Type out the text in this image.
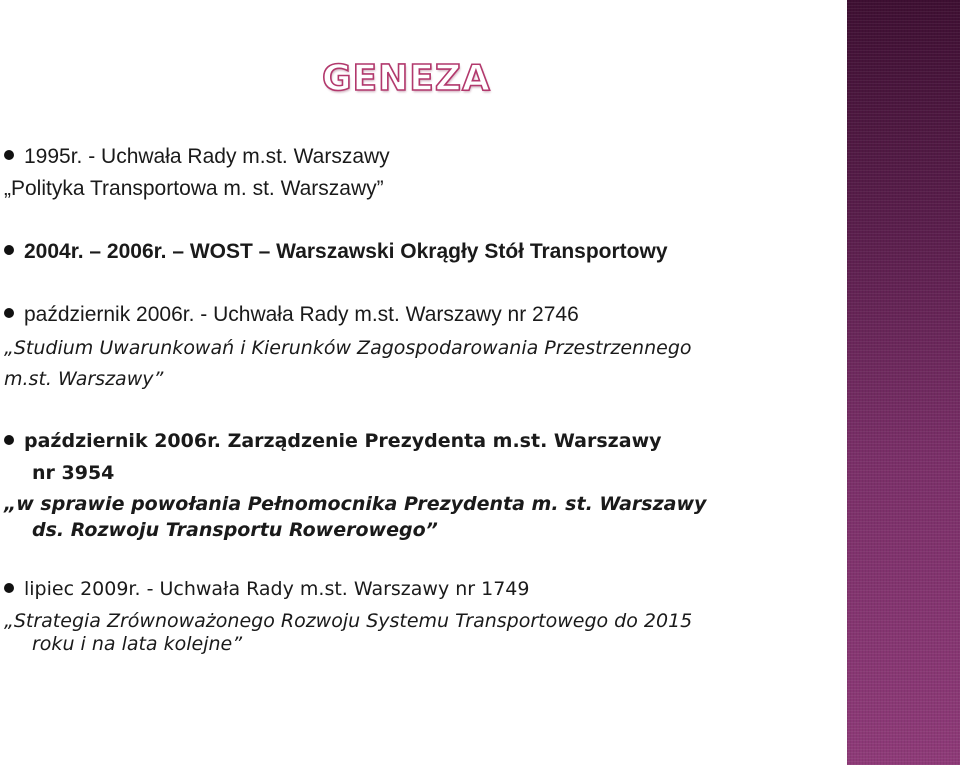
GENEZA

1995r. - Uchwała Rady m.st. Warszawy

„Polityka Transportowa m. st. Warszawy”

2004r. – 2006r. – WOST – Warszawski Okrągły Stół Transportowy

październik 2006r. - Uchwała Rady m.st. Warszawy nr 2746

„Studium Uwarunkowań i Kierunków Zagospodarowania Przestrzennego

m.st. Warszawy”

październik 2006r. Zarządzenie Prezydenta m.st. Warszawy

nr 3954

„w sprawie powołania Pełnomocnika Prezydenta m. st. Warszawy

ds. Rozwoju Transportu Rowerowego”

lipiec 2009r. - Uchwała Rady m.st. Warszawy nr 1749

„Strategia Zrównoważonego Rozwoju Systemu Transportowego do 2015

roku i na lata kolejne”
